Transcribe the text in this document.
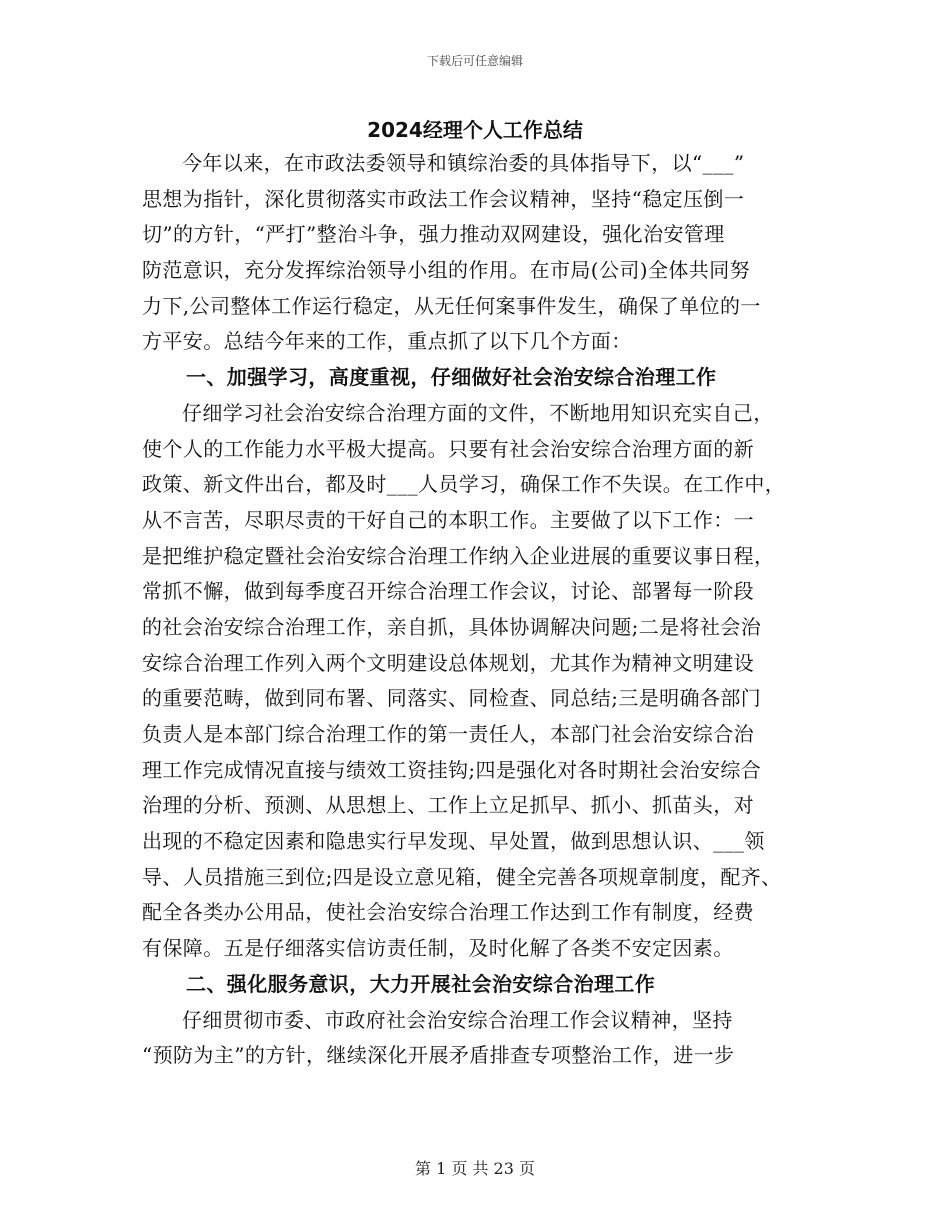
下载后可任意编辑
2024经理个人工作总结
今年以来，在市政法委领导和镇综治委的具体指导下，以“___”
思想为指针，深化贯彻落实市政法工作会议精神，坚持“稳定压倒一
切”的方针，“严打”整治斗争，强力推动双网建设，强化治安管理
防范意识，充分发挥综治领导小组的作用。在市局(公司)全体共同努
力下,公司整体工作运行稳定，从无任何案事件发生，确保了单位的一
方平安。总结今年来的工作，重点抓了以下几个方面：
一、加强学习，高度重视，仔细做好社会治安综合治理工作
仔细学习社会治安综合治理方面的文件，不断地用知识充实自己，
使个人的工作能力水平极大提高。只要有社会治安综合治理方面的新
政策、新文件出台，都及时___人员学习，确保工作不失误。在工作中，
从不言苦，尽职尽责的干好自己的本职工作。主要做了以下工作：一
是把维护稳定暨社会治安综合治理工作纳入企业进展的重要议事日程，
常抓不懈，做到每季度召开综合治理工作会议，讨论、部署每一阶段
的社会治安综合治理工作，亲自抓，具体协调解决问题;二是将社会治
安综合治理工作列入两个文明建设总体规划，尤其作为精神文明建设
的重要范畴，做到同布署、同落实、同检查、同总结;三是明确各部门
负责人是本部门综合治理工作的第一责任人，本部门社会治安综合治
理工作完成情况直接与绩效工资挂钩;四是强化对各时期社会治安综合
治理的分析、预测、从思想上、工作上立足抓早、抓小、抓苗头，对
出现的不稳定因素和隐患实行早发现、早处置，做到思想认识、___领
导、人员措施三到位;四是设立意见箱，健全完善各项规章制度，配齐、
配全各类办公用品，使社会治安综合治理工作达到工作有制度，经费
有保障。五是仔细落实信访责任制，及时化解了各类不安定因素。
二、强化服务意识，大力开展社会治安综合治理工作
仔细贯彻市委、市政府社会治安综合治理工作会议精神，坚持
“预防为主”的方针，继续深化开展矛盾排查专项整治工作，进一步
第 1 页 共 23 页
